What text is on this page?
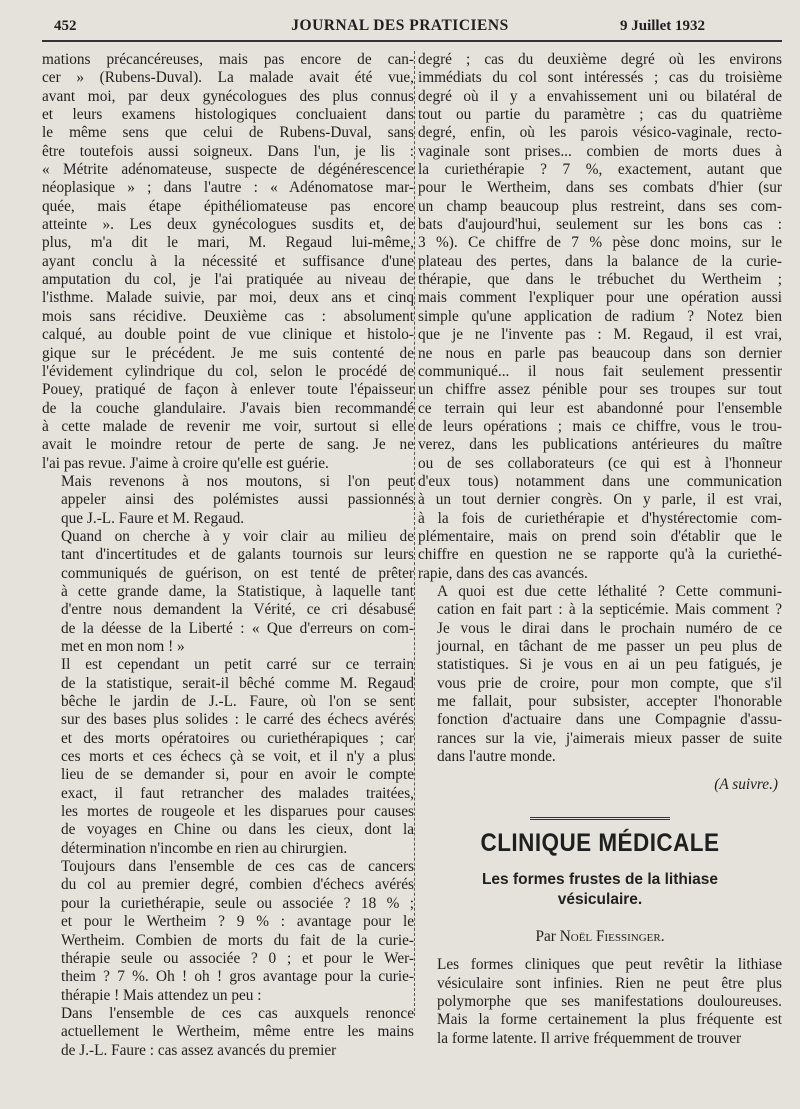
452	JOURNAL DES PRATICIENS	9 Juillet 1932

mations précancéreuses, mais pas encore de can-
cer » (Rubens-Duval). La malade avait été vue,
avant moi, par deux gynécologues des plus connus
et leurs examens histologiques concluaient dans
le même sens que celui de Rubens-Duval, sans
être toutefois aussi soigneux. Dans l'un, je lis :
« Métrite adénomateuse, suspecte de dégénérescence
néoplasique » ; dans l'autre : « Adénomatose mar-
quée, mais étape épithéliomateuse pas encore
atteinte ». Les deux gynécologues susdits et, de
plus, m'a dit le mari, M. Regaud lui-même,
ayant conclu à la nécessité et suffisance d'une
amputation du col, je l'ai pratiquée au niveau de
l'isthme. Malade suivie, par moi, deux ans et cinq
mois sans récidive. Deuxième cas : absolument
calqué, au double point de vue clinique et histolo-
gique sur le précédent. Je me suis contenté de
l'évidement cylindrique du col, selon le procédé de
Pouey, pratiqué de façon à enlever toute l'épaisseur
de la couche glandulaire. J'avais bien recommandé
à cette malade de revenir me voir, surtout si elle
avait le moindre retour de perte de sang. Je ne
l'ai pas revue. J'aime à croire qu'elle est guérie.

Mais revenons à nos moutons, si l'on peut
appeler ainsi des polémistes aussi passionnés
que J.-L. Faure et M. Regaud.

Quand on cherche à y voir clair au milieu de
tant d'incertitudes et de galants tournois sur leurs
communiqués de guérison, on est tenté de prêter
à cette grande dame, la Statistique, à laquelle tant
d'entre nous demandent la Vérité, ce cri désabusé
de la déesse de la Liberté : « Que d'erreurs on com-
met en mon nom ! »

Il est cependant un petit carré sur ce terrain
de la statistique, serait-il bêché comme M. Regaud
bêche le jardin de J.-L. Faure, où l'on se sent
sur des bases plus solides : le carré des échecs avérés
et des morts opératoires ou curiethérapiques ; car
ces morts et ces échecs çà se voit, et il n'y a plus
lieu de se demander si, pour en avoir le compte
exact, il faut retrancher des malades traitées,
les mortes de rougeole et les disparues pour causes
de voyages en Chine ou dans les cieux, dont la
détermination n'incombe en rien au chirurgien.

Toujours dans l'ensemble de ces cas de cancers
du col au premier degré, combien d'échecs avérés
pour la curiethérapie, seule ou associée ? 18 % ;
et pour le Wertheim ? 9 % : avantage pour le
Wertheim. Combien de morts du fait de la curie-
thérapie seule ou associée ? 0 ; et pour le Wer-
theim ? 7 %. Oh ! oh ! gros avantage pour la curie-
thérapie ! Mais attendez un peu :

Dans l'ensemble de ces cas auxquels renonce
actuellement le Wertheim, même entre les mains
de J.-L. Faure : cas assez avancés du premier

degré ; cas du deuxième degré où les environs
immédiats du col sont intéressés ; cas du troisième
degré où il y a envahissement uni ou bilatéral de
tout ou partie du paramètre ; cas du quatrième
degré, enfin, où les parois vésico-vaginale, recto-
vaginale sont prises... combien de morts dues à
la curiethérapie ? 7 %, exactement, autant que
pour le Wertheim, dans ses combats d'hier (sur
un champ beaucoup plus restreint, dans ses com-
bats d'aujourd'hui, seulement sur les bons cas :
3 %). Ce chiffre de 7 % pèse donc moins, sur le
plateau des pertes, dans la balance de la curie-
thérapie, que dans le trébuchet du Wertheim ;
mais comment l'expliquer pour une opération aussi
simple qu'une application de radium ? Notez bien
que je ne l'invente pas : M. Regaud, il est vrai,
ne nous en parle pas beaucoup dans son dernier
communiqué... il nous fait seulement pressentir
un chiffre assez pénible pour ses troupes sur tout
ce terrain qui leur est abandonné pour l'ensemble
de leurs opérations ; mais ce chiffre, vous le trou-
verez, dans les publications antérieures du maître
ou de ses collaborateurs (ce qui est à l'honneur
d'eux tous) notamment dans une communication
à un tout dernier congrès. On y parle, il est vrai,
à la fois de curiethérapie et d'hystérectomie com-
plémentaire, mais on prend soin d'établir que le
chiffre en question ne se rapporte qu'à la curiethé-
rapie, dans des cas avancés.

A quoi est due cette léthalité ? Cette communi-
cation en fait part : à la septicémie. Mais comment ?
Je vous le dirai dans le prochain numéro de ce
journal, en tâchant de me passer un peu plus de
statistiques. Si je vous en ai un peu fatigués, je
vous prie de croire, pour mon compte, que s'il
me fallait, pour subsister, accepter l'honorable
fonction d'actuaire dans une Compagnie d'assu-
rances sur la vie, j'aimerais mieux passer de suite
dans l'autre monde.

(A suivre.)
CLINIQUE MÉDICALE
Les formes frustes de la lithiase
vésiculaire.
Par Noël Fiessinger.

Les formes cliniques que peut revêtir la lithiase
vésiculaire sont infinies. Rien ne peut être plus
polymorphe que ses manifestations douloureuses.
Mais la forme certainement la plus fréquente est
la forme latente. Il arrive fréquemment de trouver
